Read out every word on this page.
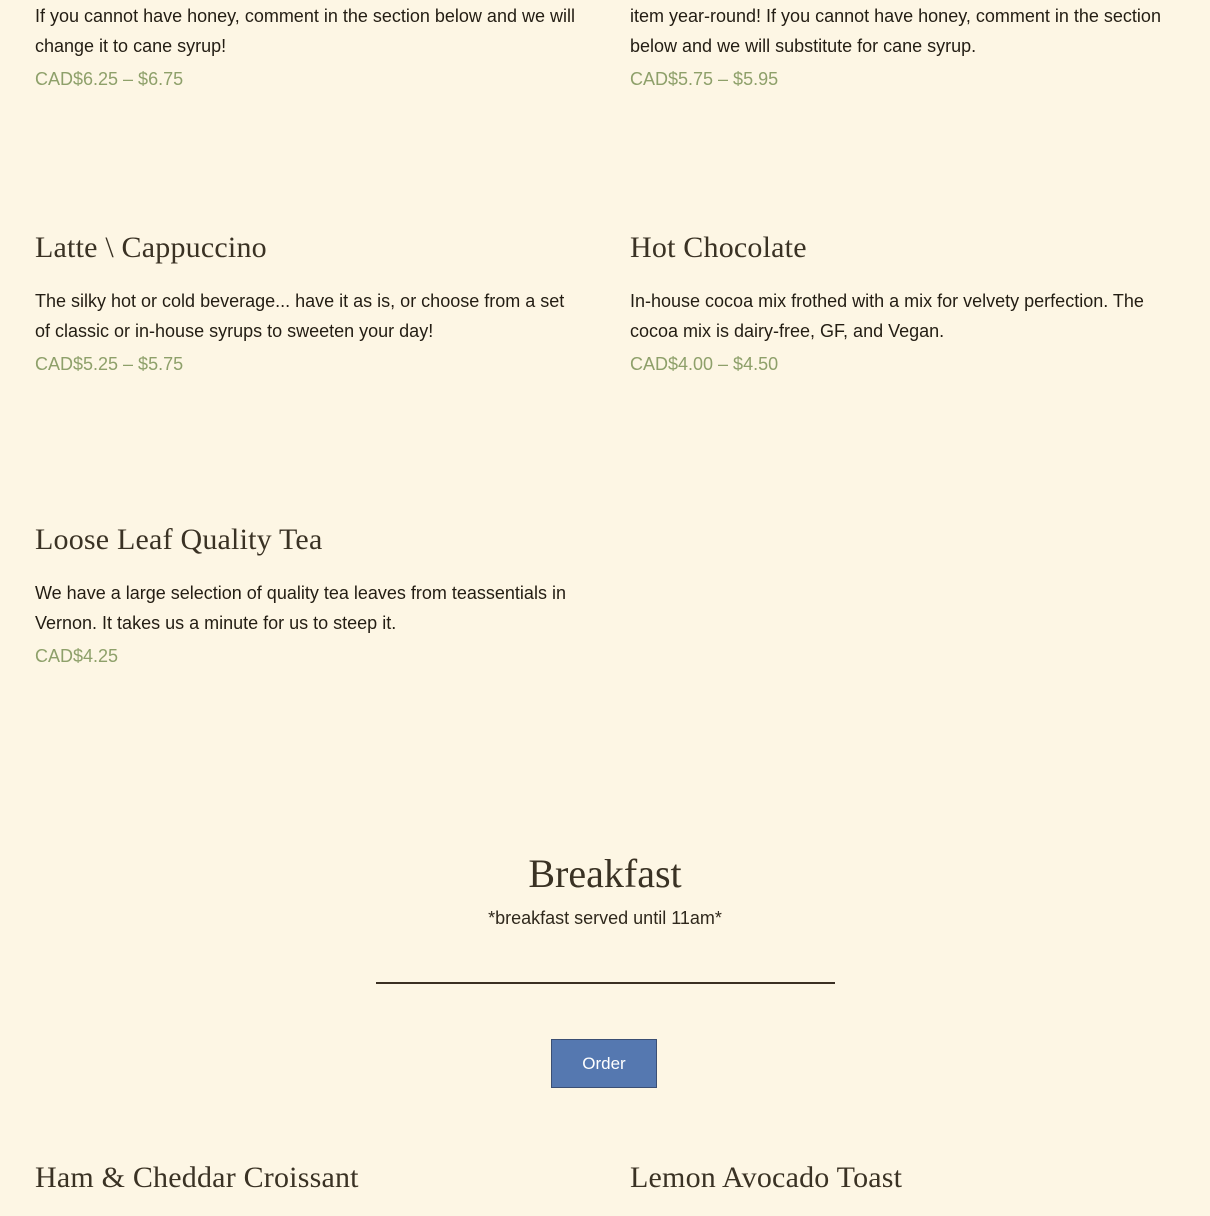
If you cannot have honey, comment in the section below and we will change it to cane syrup!

CAD$6.25 – $6.75

item year-round! If you cannot have honey, comment in the section below and we will substitute for cane syrup.

CAD$5.75 – $5.95
Latte \ Cappuccino

The silky hot or cold beverage... have it as is, or choose from a set of classic or in-house syrups to sweeten your day!

CAD$5.25 – $5.75
Hot Chocolate

In-house cocoa mix frothed with a mix for velvety perfection. The cocoa mix is dairy-free, GF, and Vegan.

CAD$4.00 – $4.50
Loose Leaf Quality Tea

We have a large selection of quality tea leaves from teassentials in Vernon. It takes us a minute for us to steep it.

CAD$4.25
Breakfast
*breakfast served until 11am*
Order
Ham & Cheddar Croissant	Lemon Avocado Toast
